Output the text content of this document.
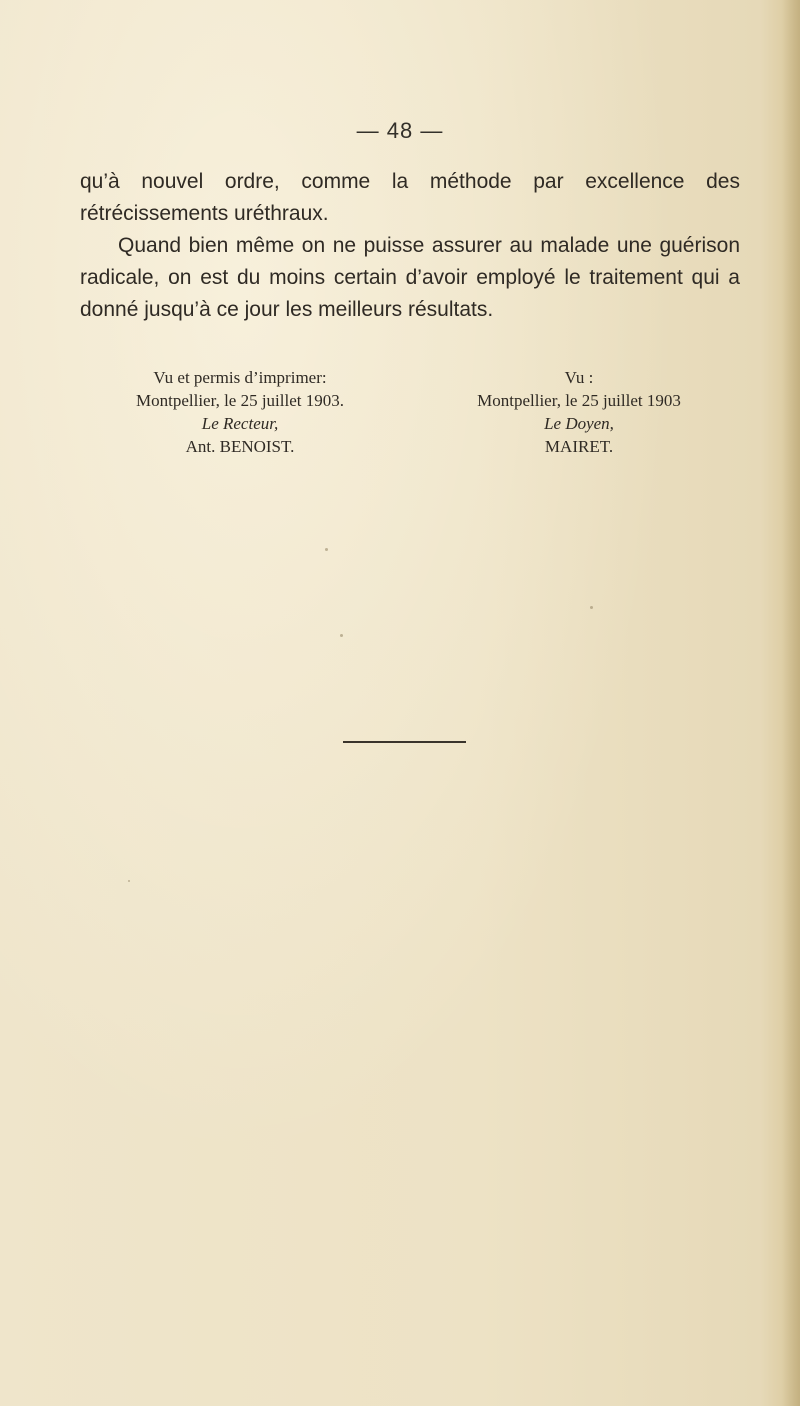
— 48 —

qu’à nouvel ordre, comme la méthode par excellence des rétrécissements uréthraux.

Quand bien même on ne puisse assurer au malade une guérison radicale, on est du moins certain d’avoir employé le traitement qui a donné jusqu’à ce jour les meilleurs résultats.

Vu et permis d’imprimer:
Montpellier, le 25 juillet 1903.
Le Recteur,
Ant. BENOIST.
Vu :
Montpellier, le 25 juillet 1903
Le Doyen,
MAIRET.
